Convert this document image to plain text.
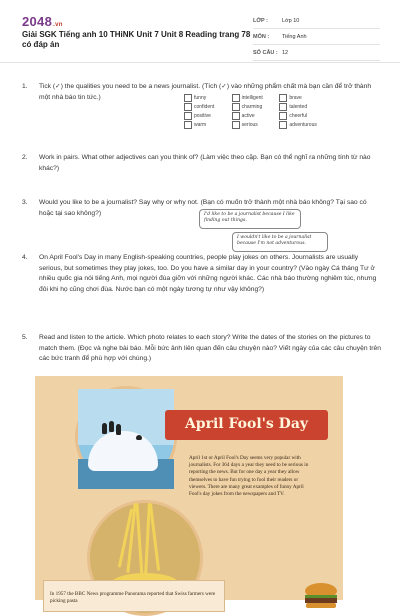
2048.vn
Giải SGK Tiếng anh 10 THiNK Unit 7 Unit 8 Reading trang 78 có đáp án
LỚP :	Lớp 10
MÔN :	Tiếng Anh
SỐ CÂU : 12
1. Tick (✓) the qualities you need to be a news journalist. (Tích (✓) vào những phẩm chất mà bạn cần để trở thành một nhà báo tin tức.)	funny	intelligent	brave
confident	charming	talented
positive	active	cheerful
warm	serious	adventurous
2. Work in pairs. What other adjectives can you think of? (Làm việc theo cặp. Bạn có thể nghĩ ra những tính từ nào khác?)
3. Would you like to be a journalist? Say why or why not. (Bạn có muốn trở thành một nhà báo không? Tại sao có hoặc tại sao không?)	I'd like to be a journalist because I like finding out things.
I wouldn't like to be a journalist because I'm not adventurous.
4. On April Fool's Day in many English-speaking countries, people play jokes on others. Journalists are usually serious, but sometimes they play jokes, too. Do you have a similar day in your country? (Vào ngày Cá tháng Tư ở nhiều quốc gia nói tiếng Anh, mọi người đùa giỡn với những người khác. Các nhà báo thường nghiêm túc, nhưng đôi khi họ cũng chơi đùa. Nước bạn có một ngày tương tự như vậy không?)
5. Read and listen to the article. Which photo relates to each story? Write the dates of the stories on the pictures to match them. (Đọc và nghe bài báo. Mỗi bức ảnh liên quan đến câu chuyện nào? Viết ngày của các câu chuyện trên các bức tranh để phù hợp với chúng.)
April Fool's Day
April 1st or April Fool's Day seems very popular with journalists. For 364 days a year they need to be serious in reporting the news. But for one day a year they allow themselves to have fun trying to fool their readers or viewers. There are many great examples of funny April Fool's day jokes from the newspapers and TV.
In 1957 the BBC News programme Panorama reported that Swiss farmers were picking pasta
